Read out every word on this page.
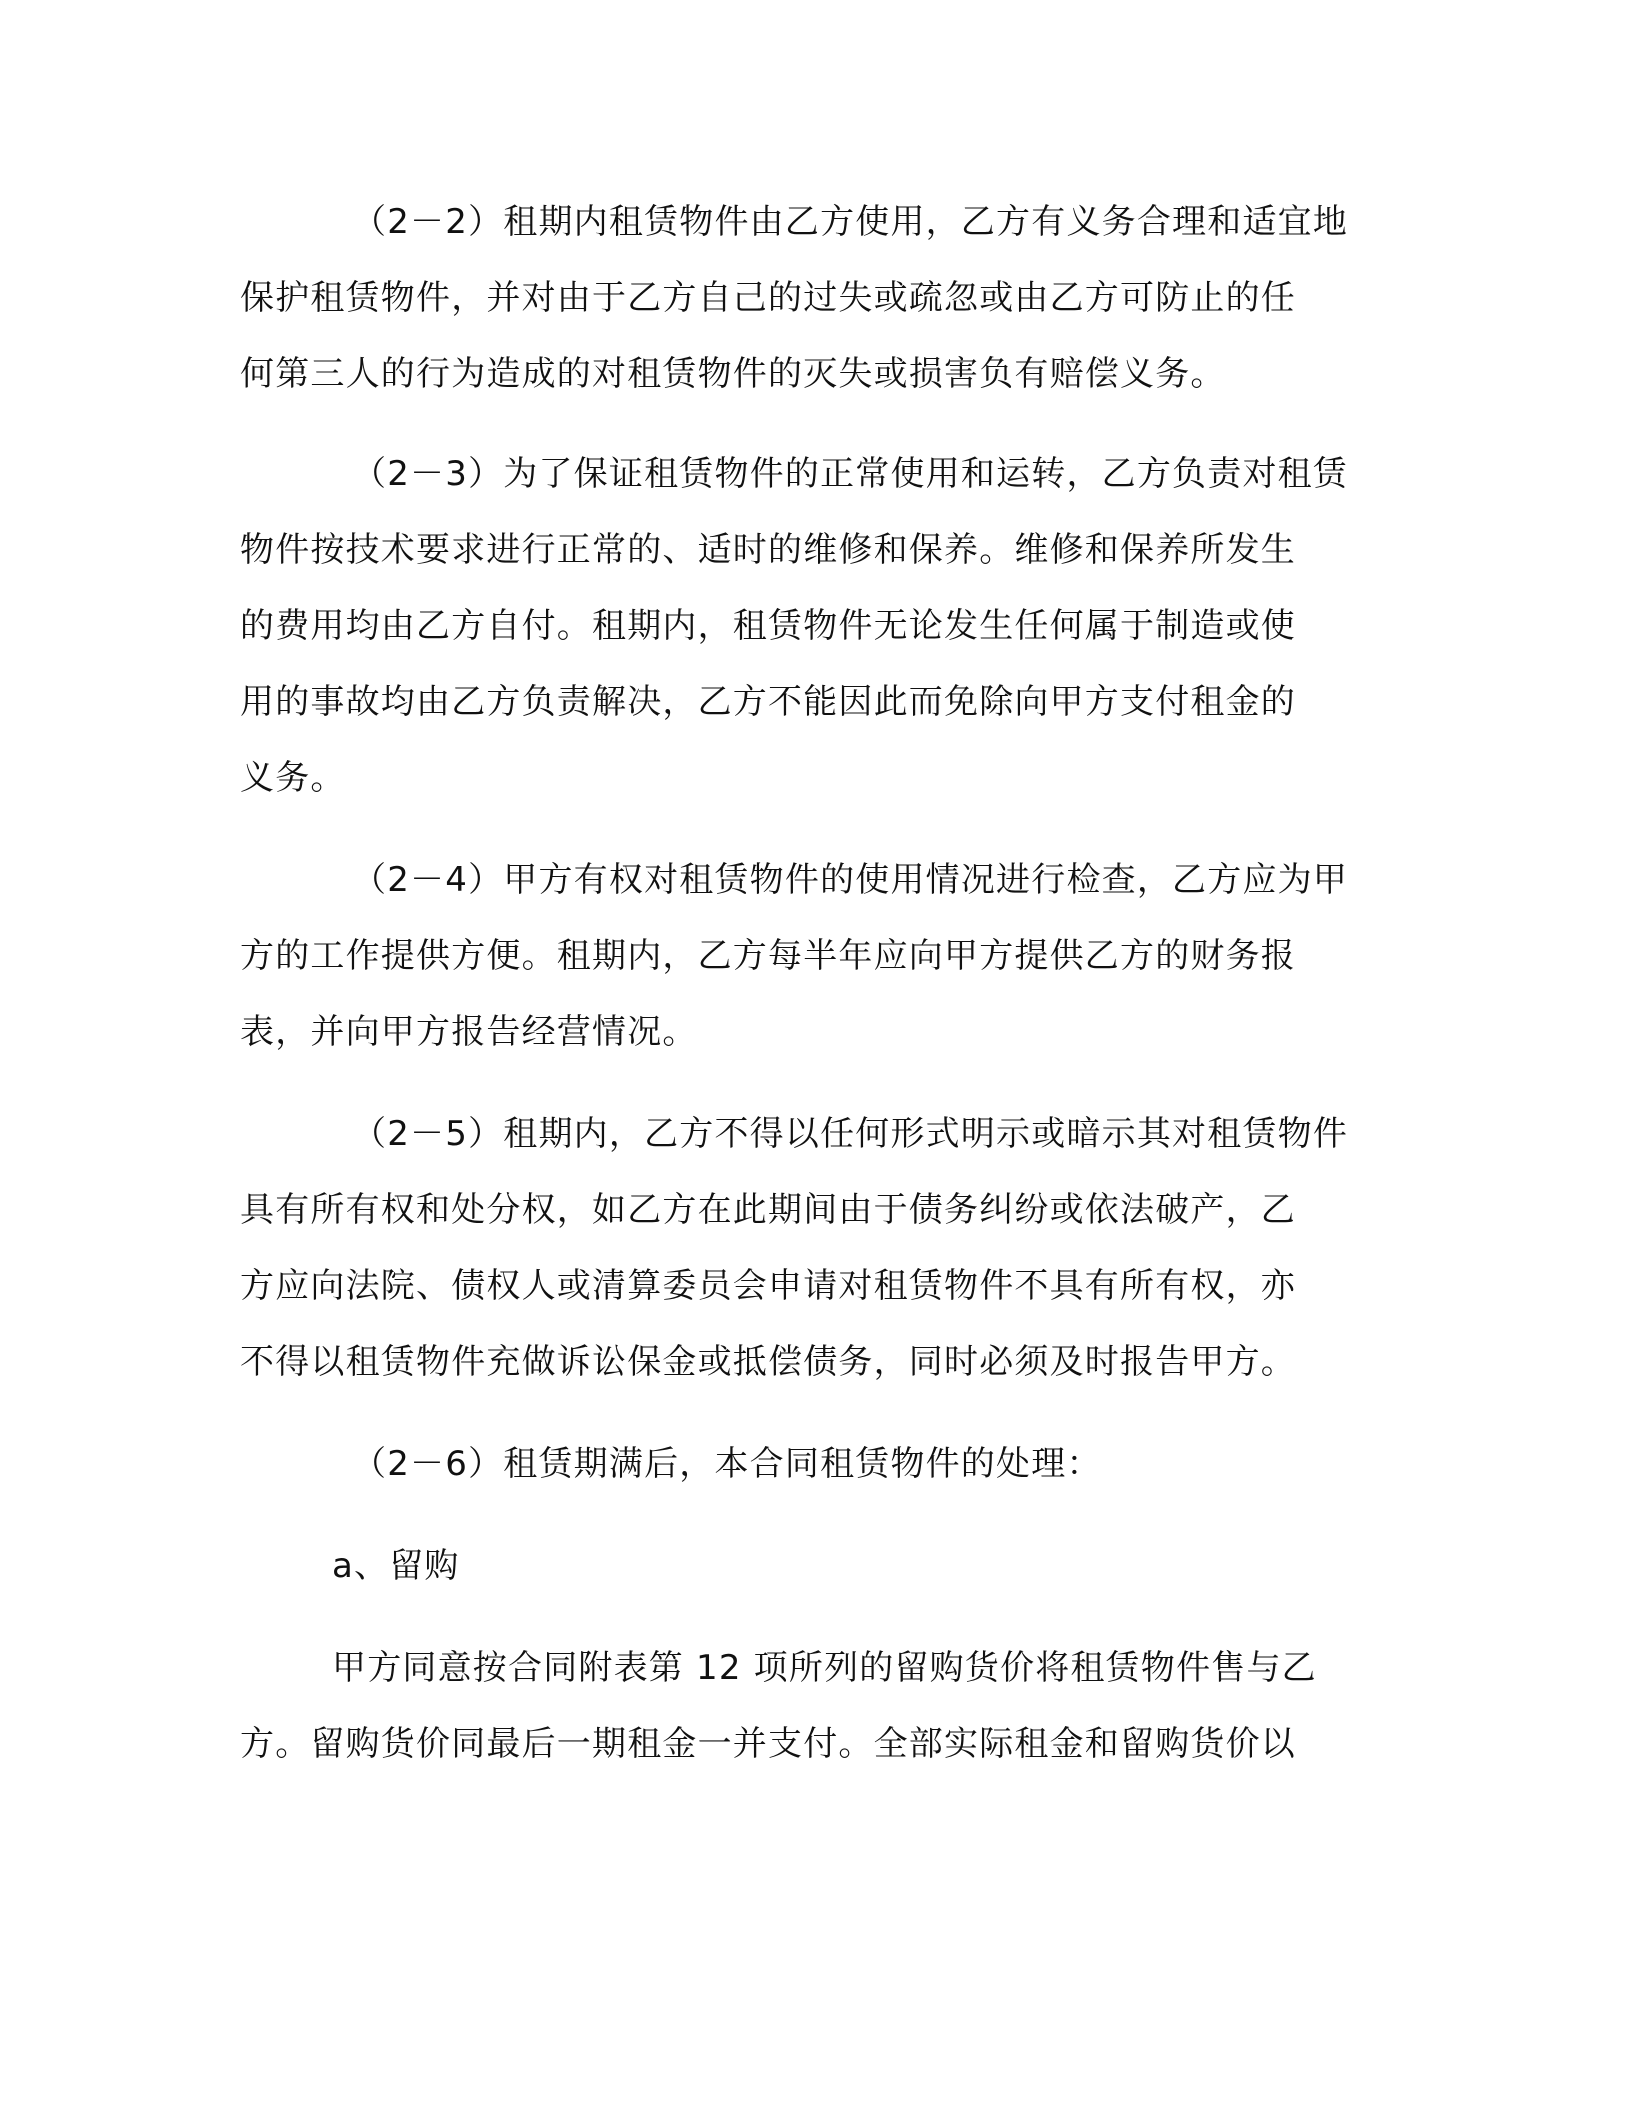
（2－2）租期内租赁物件由乙方使用，乙方有义务合理和适宜地

保护租赁物件，并对由于乙方自己的过失或疏忽或由乙方可防止的任

何第三人的行为造成的对租赁物件的灭失或损害负有赔偿义务。

（2－3）为了保证租赁物件的正常使用和运转，乙方负责对租赁

物件按技术要求进行正常的、适时的维修和保养。维修和保养所发生

的费用均由乙方自付。租期内，租赁物件无论发生任何属于制造或使

用的事故均由乙方负责解决，乙方不能因此而免除向甲方支付租金的

义务。

（2－4）甲方有权对租赁物件的使用情况进行检查，乙方应为甲

方的工作提供方便。租期内，乙方每半年应向甲方提供乙方的财务报

表，并向甲方报告经营情况。

（2－5）租期内，乙方不得以任何形式明示或暗示其对租赁物件

具有所有权和处分权，如乙方在此期间由于债务纠纷或依法破产，乙

方应向法院、债权人或清算委员会申请对租赁物件不具有所有权，亦

不得以租赁物件充做诉讼保金或抵偿债务，同时必须及时报告甲方。

（2－6）租赁期满后，本合同租赁物件的处理：

a、留购

甲方同意按合同附表第 12 项所列的留购货价将租赁物件售与乙

方。留购货价同最后一期租金一并支付。全部实际租金和留购货价以
